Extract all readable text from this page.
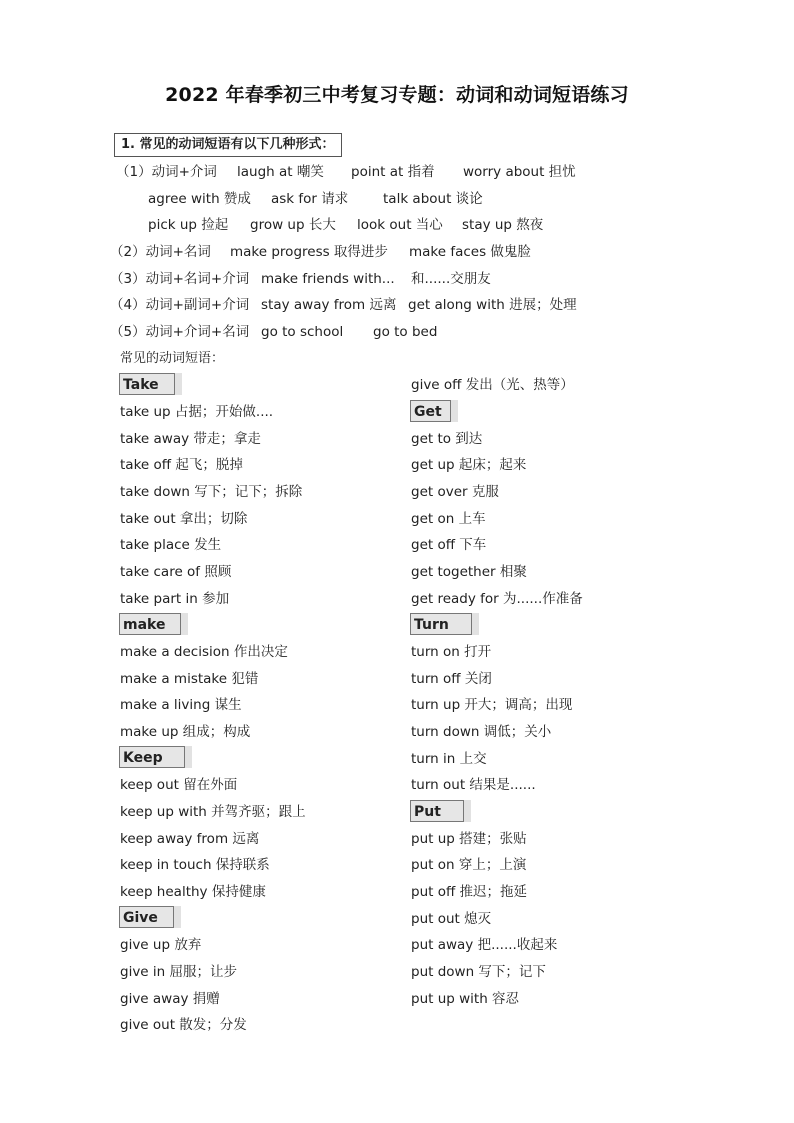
2022 年春季初三中考复习专题：动词和动词短语练习
1. 常见的动词短语有以下几种形式：
（1）动词+介词 laugh at 嘲笑 point at 指着 worry about 担忧
agree with 赞成 ask for 请求	talk about 谈论
pick up 捡起 grow up 长大 look out 当心 stay up 熬夜
（2）动词+名词 make progress 取得进步 make faces 做鬼脸
（3）动词+名词+介词 make friends with... 和......交朋友
（4）动词+副词+介词 stay away from 远离 get along with 进展；处理
（5）动词+介词+名词 go to school go to bed
常见的动词短语：
Take
take up 占据；开始做....
take away 带走；拿走
take off 起飞；脱掉
take down 写下；记下；拆除
take out 拿出；切除
take place 发生
take care of 照顾
take part in 参加
make
make a decision 作出决定
make a mistake 犯错
make a living 谋生
make up 组成；构成
Keep
keep out 留在外面
keep up with 并驾齐驱；跟上
keep away from 远离
keep in touch 保持联系
keep healthy 保持健康
Give
give up 放弃
give in 屈服；让步
give away 捐赠
give out 散发；分发
give off 发出（光、热等）
Get
get to 到达
get up 起床；起来
get over 克服
get on 上车
get off 下车
get together 相聚
get ready for 为......作准备
Turn
turn on 打开
turn off 关闭
turn up 开大；调高；出现
turn down 调低；关小
turn in 上交
turn out 结果是......
Put
put up 搭建；张贴
put on 穿上；上演
put off 推迟；拖延
put out 熄灭
put away 把......收起来
put down 写下；记下
put up with 容忍
